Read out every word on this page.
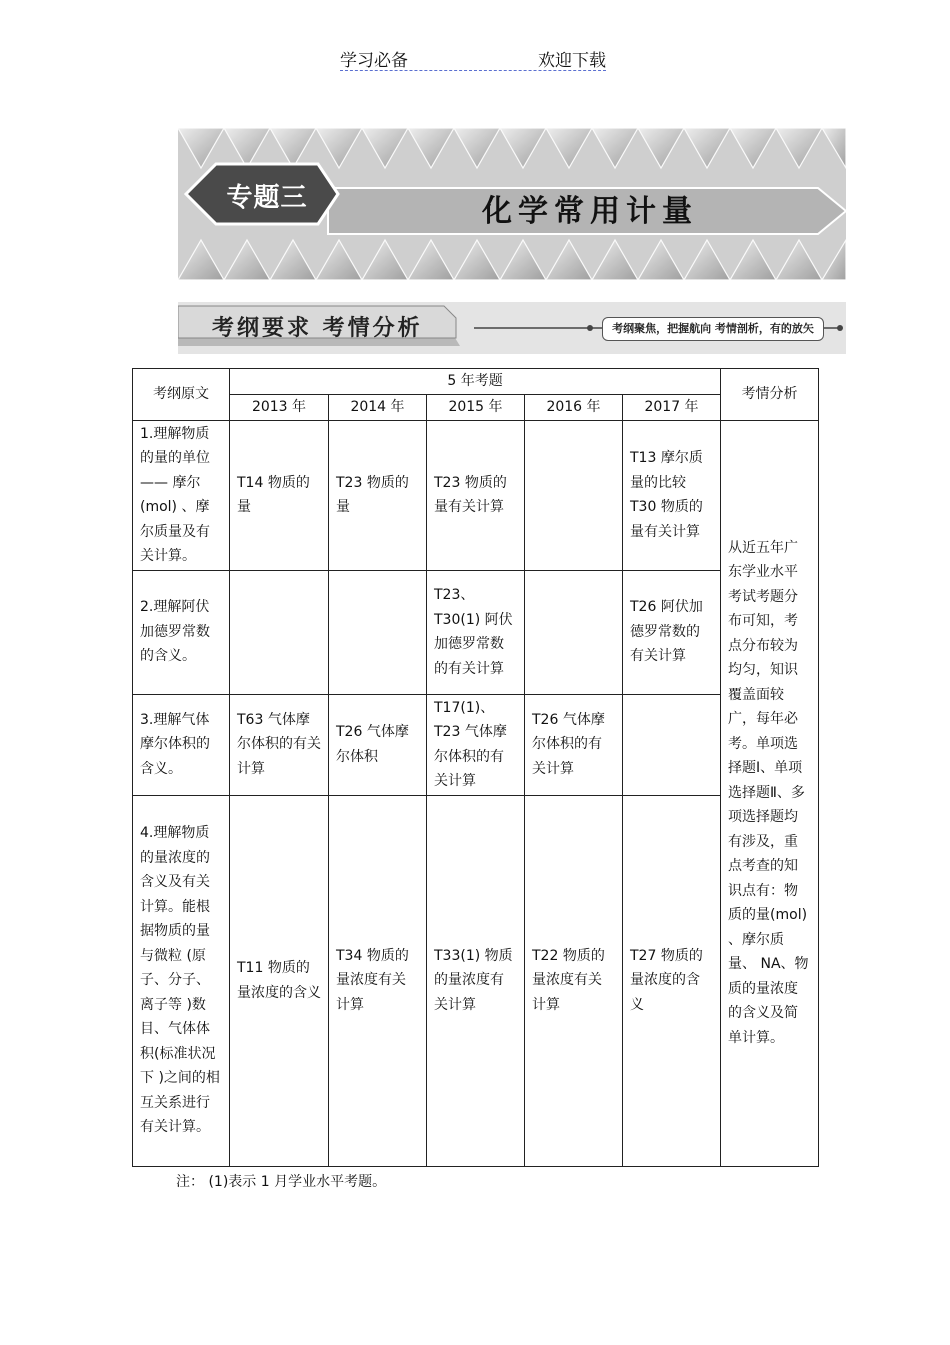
学习必备	欢迎下载
专题三	化学常用计量
考纲要求 考情分析	考纲聚焦，把握航向 考情剖析，有的放矢
考纲原文	5 年考题					考情分析
	2013 年	2014 年	2015 年	2016 年	2017 年	
1.理解物质的量的单位—— 摩尔(mol) 、摩尔质量及有关计算。	T14 物质的量	T23 物质的量	T23 物质的量有关计算		T13 摩尔质量的比较 T30 物质的量有关计算	从近五年广东学业水平考试考题分布可知，考点分布较为均匀，知识覆盖面较广，每年必考。单项选择题Ⅰ、单项选择题Ⅱ、多项选择题均有涉及，重点考查的知识点有：物质的量(mol) 、摩尔质量、 NA、物质的量浓度的含义及简单计算。
2.理解阿伏加德罗常数的含义。			T23、T30(1) 阿伏加德罗常数的有关计算		T26 阿伏加德罗常数的有关计算	
3.理解气体摩尔体积的含义。	T63 气体摩尔体积的有关计算	T26 气体摩尔体积	T17(1)、T23 气体摩尔体积的有关计算	T26 气体摩尔体积的有关计算		
4.理解物质的量浓度的含义及有关计算。能根据物质的量与微粒 (原子、分子、离子等 )数目、气体体积(标准状况下 )之间的相互关系进行有关计算。	T11 物质的量浓度的含义	T34 物质的量浓度有关计算	T33(1) 物质的量浓度有关计算	T22 物质的量浓度有关计算	T27 物质的量浓度的含义	
注： (1)表示 1 月学业水平考题。
